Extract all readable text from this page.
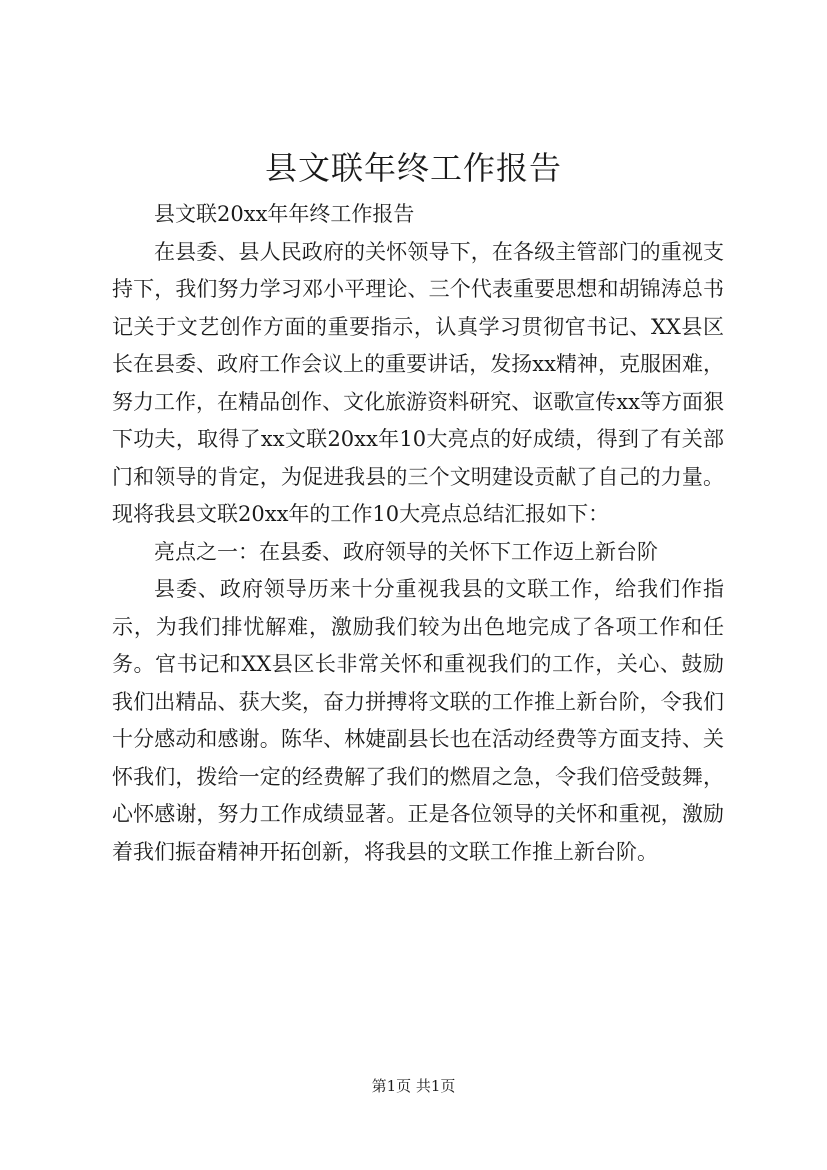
县文联年终工作报告

县文联20xx年年终工作报告

在县委、县人民政府的关怀领导下，在各级主管部门的重视支持下，我们努力学习邓小平理论、三个代表重要思想和胡锦涛总书记关于文艺创作方面的重要指示，认真学习贯彻官书记、XX县区长在县委、政府工作会议上的重要讲话，发扬xx精神，克服困难，努力工作，在精品创作、文化旅游资料研究、讴歌宣传xx等方面狠下功夫，取得了xx文联20xx年10大亮点的好成绩，得到了有关部门和领导的肯定，为促进我县的三个文明建设贡献了自己的力量。现将我县文联20xx年的工作10大亮点总结汇报如下：

亮点之一：在县委、政府领导的关怀下工作迈上新台阶

县委、政府领导历来十分重视我县的文联工作，给我们作指示，为我们排忧解难，激励我们较为出色地完成了各项工作和任务。官书记和XX县区长非常关怀和重视我们的工作，关心、鼓励我们出精品、获大奖，奋力拼搏将文联的工作推上新台阶，令我们十分感动和感谢。陈华、林婕副县长也在活动经费等方面支持、关怀我们，拨给一定的经费解了我们的燃眉之急，令我们倍受鼓舞，心怀感谢，努力工作成绩显著。正是各位领导的关怀和重视，激励着我们振奋精神开拓创新，将我县的文联工作推上新台阶。

第1页 共1页
